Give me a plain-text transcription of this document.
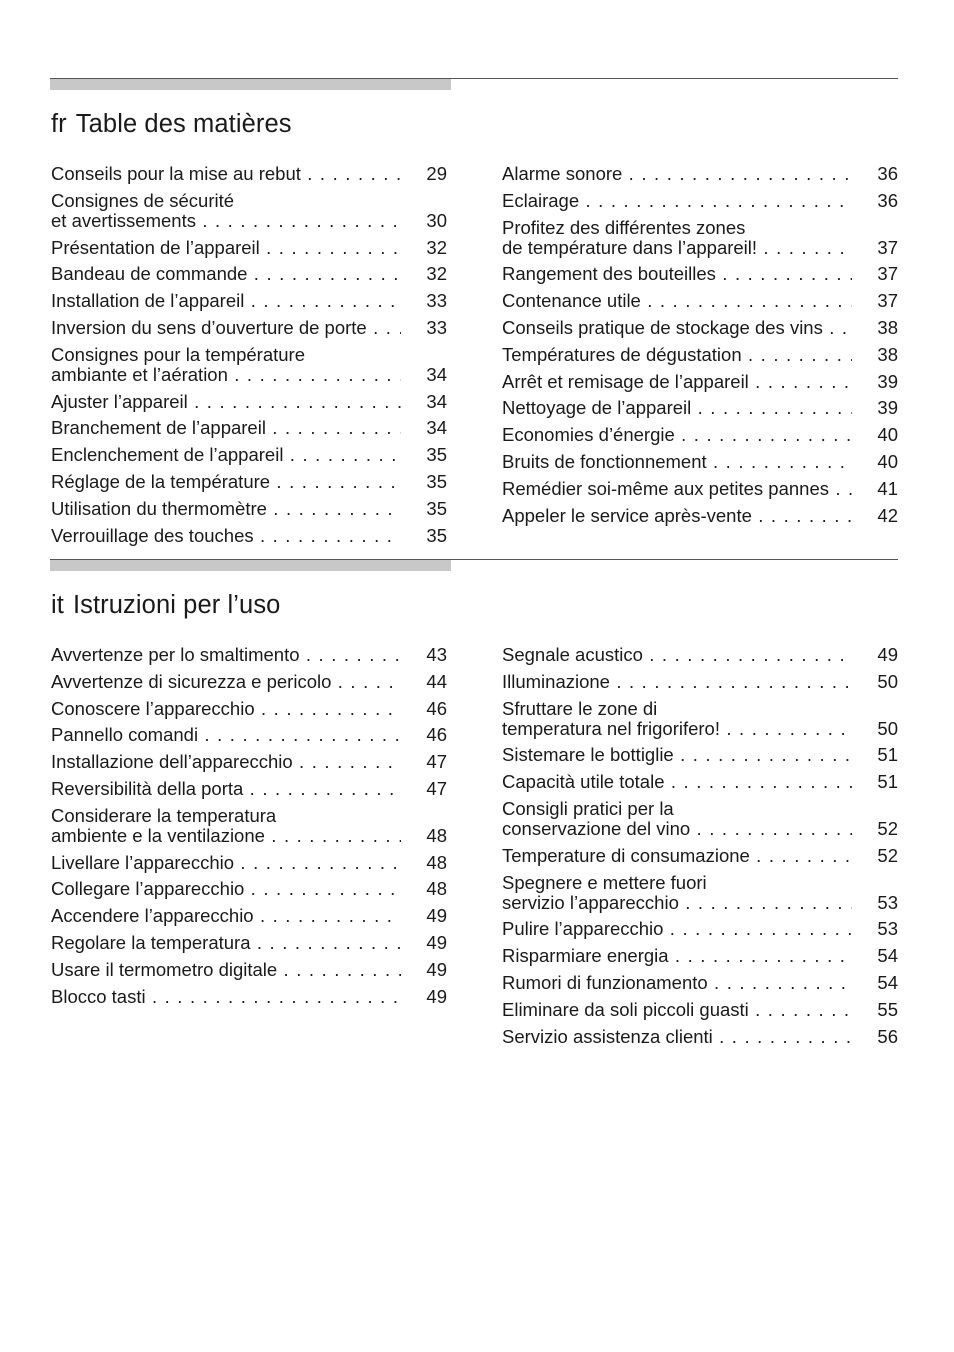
fr Table des matières
Conseils pour la mise au rebut . . .	29
Consignes de sécurité
et avertissements . . .	30
Présentation de l’appareil . . .	32
Bandeau de commande . . .	32
Installation de l’appareil . . .	33
Inversion du sens d’ouverture de porte . . .	33
Consignes pour la température
ambiante et l’aération . . .	34
Ajuster l’appareil . . .	34
Branchement de l’appareil . . .	34
Enclenchement de l’appareil . . .	35
Réglage de la température . . .	35
Utilisation du thermomètre . . .	35
Verrouillage des touches . . .	35
Alarme sonore . . .	36
Eclairage . . .	36
Profitez des différentes zones
de température dans l’appareil! . . .	37
Rangement des bouteilles . . .	37
Contenance utile . . .	37
Conseils pratique de stockage des vins . . .	38
Températures de dégustation . . .	38
Arrêt et remisage de l’appareil . . .	39
Nettoyage de l’appareil . . .	39
Economies d’énergie . . .	40
Bruits de fonctionnement . . .	40
Remédier soi-même aux petites pannes . . .	41
Appeler le service après-vente . . .	42
it Istruzioni per l’uso
Avvertenze per lo smaltimento . . .	43
Avvertenze di sicurezza e pericolo . . .	44
Conoscere l’apparecchio . . .	46
Pannello comandi . . .	46
Installazione dell’apparecchio . . .	47
Reversibilità della porta . . .	47
Considerare la temperatura
ambiente e la ventilazione . . .	48
Livellare l’apparecchio . . .	48
Collegare l’apparecchio . . .	48
Accendere l’apparecchio . . .	49
Regolare la temperatura . . .	49
Usare il termometro digitale . . .	49
Blocco tasti . . .	49
Segnale acustico . . .	49
Illuminazione . . .	50
Sfruttare le zone di
temperatura nel frigorifero! . . .	50
Sistemare le bottiglie . . .	51
Capacità utile totale . . .	51
Consigli pratici per la
conservazione del vino . . .	52
Temperature di consumazione . . .	52
Spegnere e mettere fuori
servizio l’apparecchio . . .	53
Pulire l’apparecchio . . .	53
Risparmiare energia . . .	54
Rumori di funzionamento . . .	54
Eliminare da soli piccoli guasti . . .	55
Servizio assistenza clienti . . .	56
